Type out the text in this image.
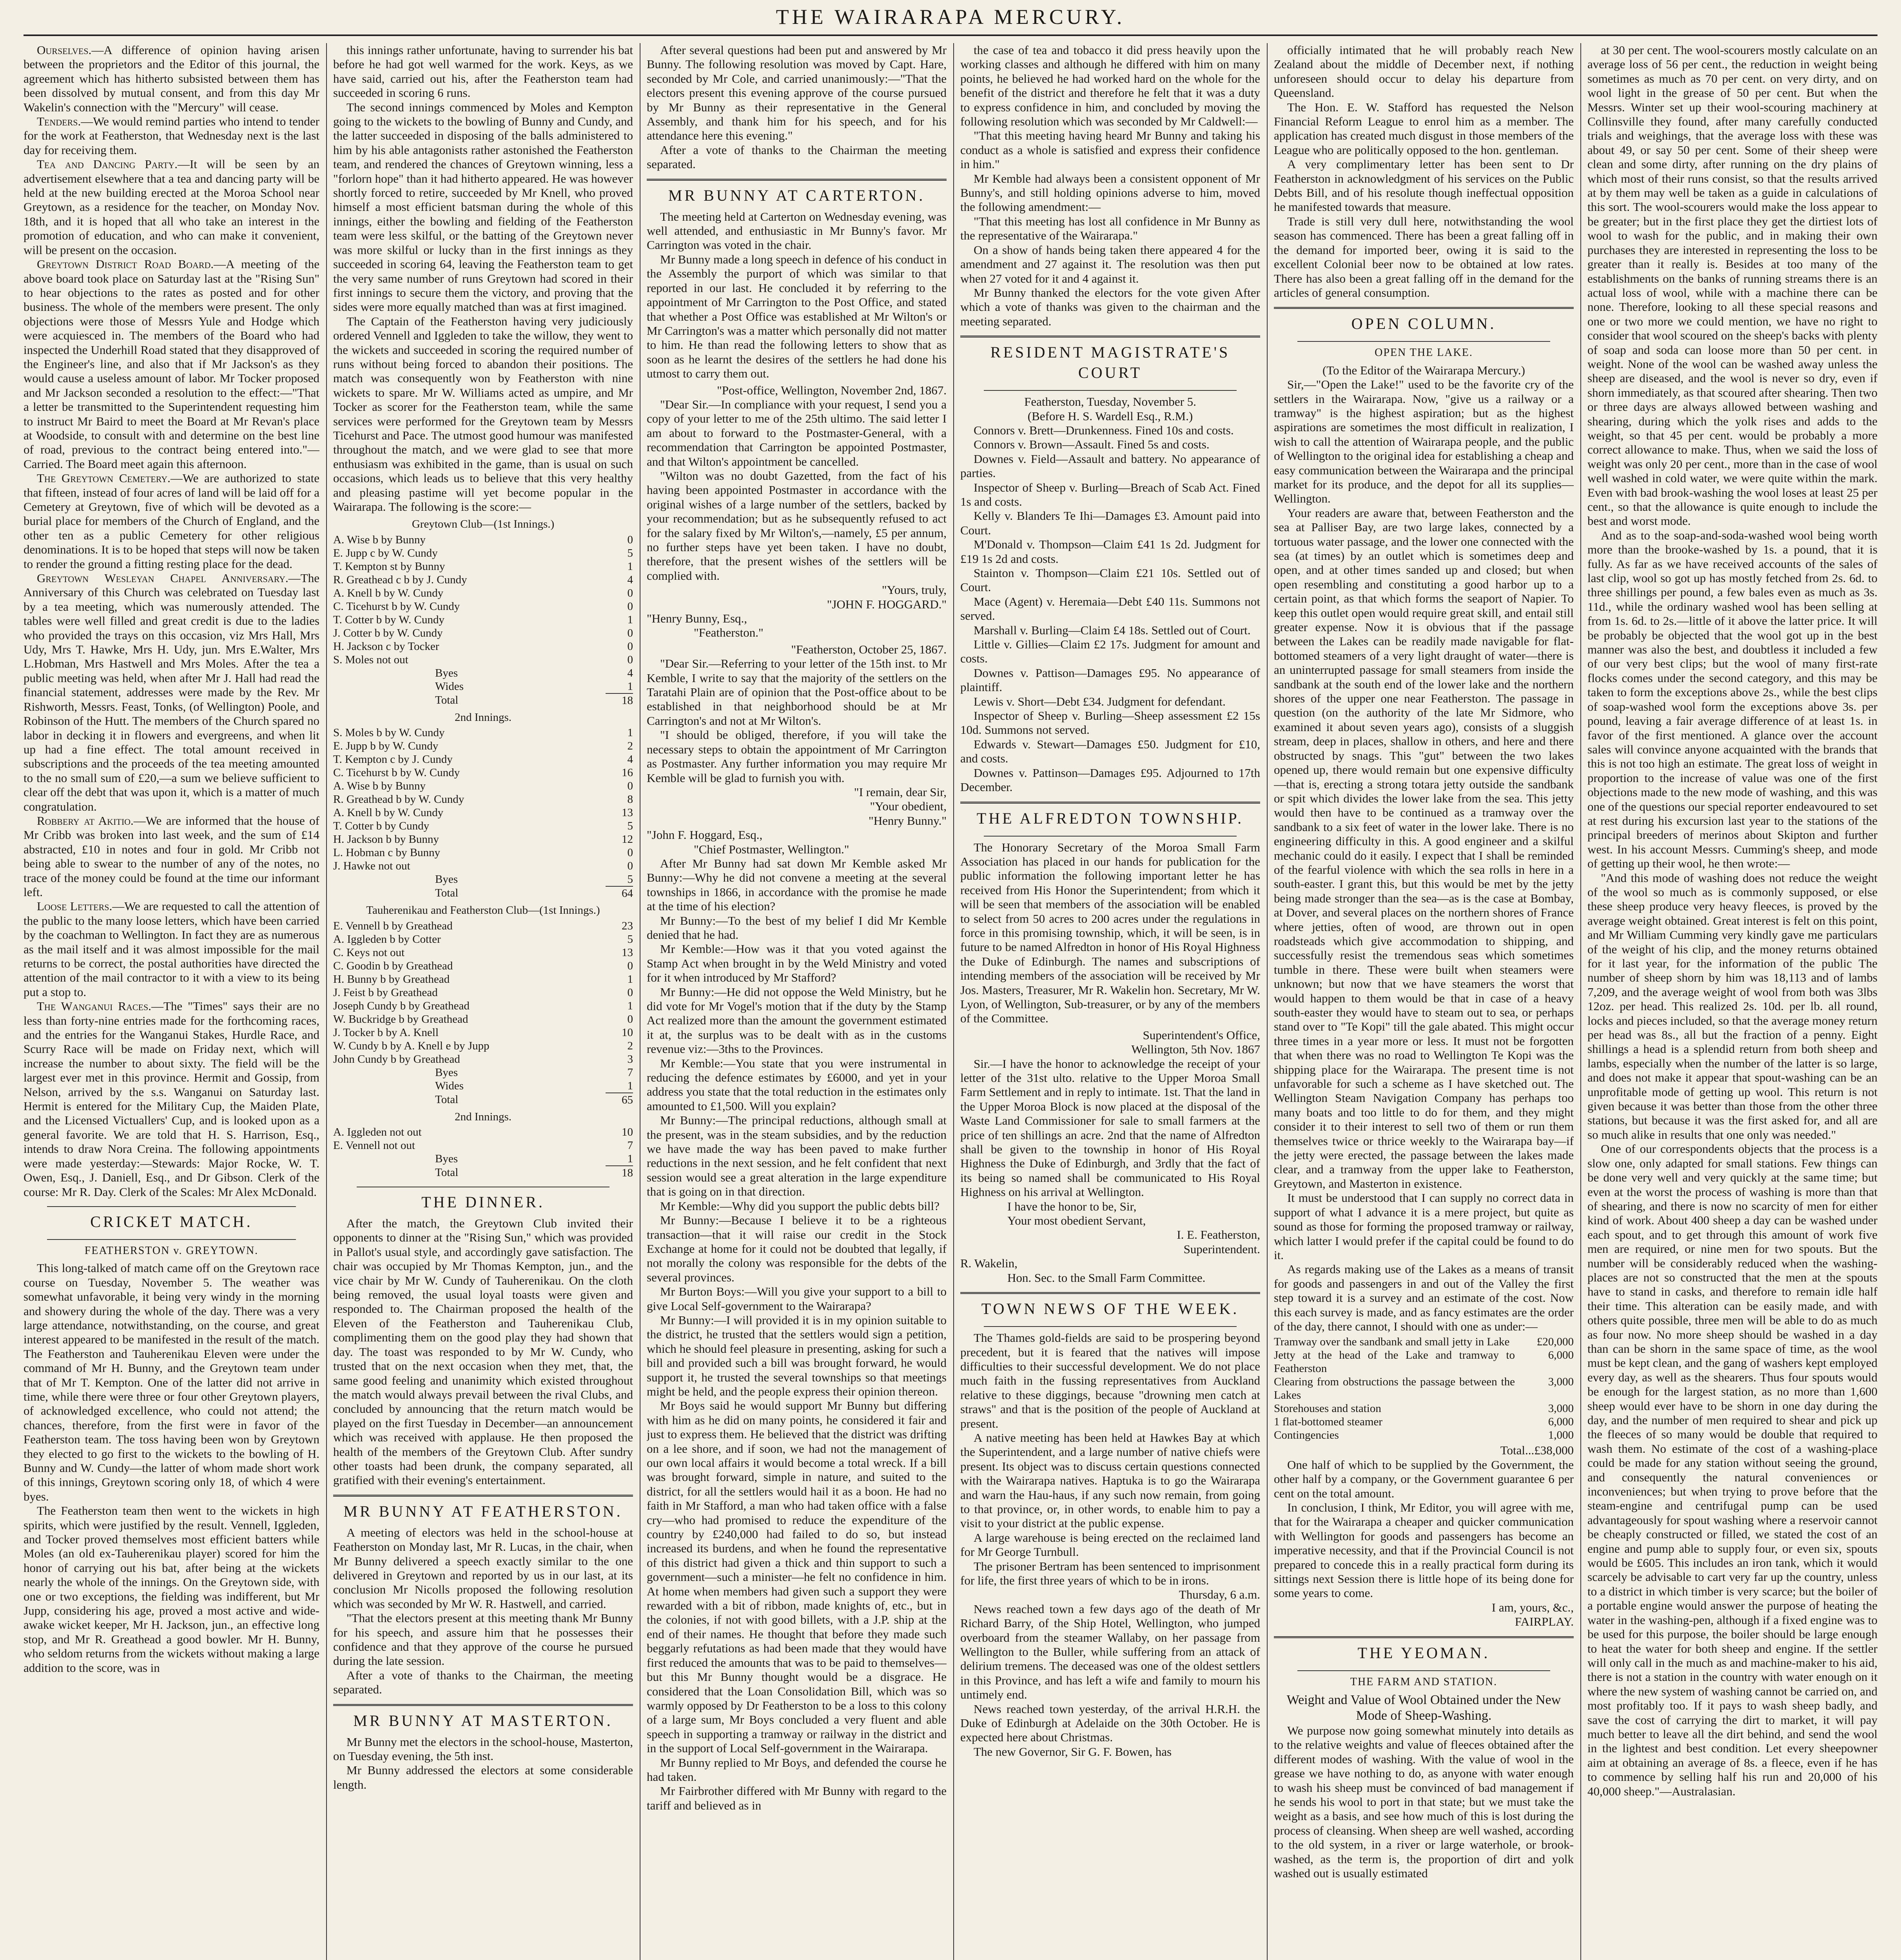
THE WAIRARAPA MERCURY.

Ourselves.—A difference of opinion having arisen between the proprietors and the Editor of this journal, the agreement which has hitherto subsisted between them has been dissolved by mutual consent, and from this day Mr Wakelin's connection with the "Mercury" will cease.

Tenders.—We would remind parties who intend to tender for the work at Featherston, that Wednesday next is the last day for receiving them.

Tea and Dancing Party.—It will be seen by an advertisement elsewhere that a tea and dancing party will be held at the new building erected at the Moroa School near Greytown, as a residence for the teacher, on Monday Nov. 18th, and it is hoped that all who take an interest in the promotion of education, and who can make it convenient, will be present on the occasion.

Greytown District Road Board.—A meeting of the above board took place on Saturday last at the "Rising Sun" to hear objections to the rates as posted and for other business. The whole of the members were present. The only objections were those of Messrs Yule and Hodge which were acquiesced in. The members of the Board who had inspected the Underhill Road stated that they disapproved of the Engineer's line, and also that if Mr Jackson's as they would cause a useless amount of labor. Mr Tocker proposed and Mr Jackson seconded a resolution to the effect:—"That a letter be transmitted to the Superintendent requesting him to instruct Mr Baird to meet the Board at Mr Revan's place at Woodside, to consult with and determine on the best line of road, previous to the contract being entered into."—Carried. The Board meet again this afternoon.

The Greytown Cemetery.—We are authorized to state that fifteen, instead of four acres of land will be laid off for a Cemetery at Greytown, five of which will be devoted as a burial place for members of the Church of England, and the other ten as a public Cemetery for other religious denominations. It is to be hoped that steps will now be taken to render the ground a fitting resting place for the dead.

Greytown Wesleyan Chapel Anniversary.—The Anniversary of this Church was celebrated on Tuesday last by a tea meeting, which was numerously attended. The tables were well filled and great credit is due to the ladies who provided the trays on this occasion, viz Mrs Hall, Mrs Udy, Mrs T. Hawke, Mrs H. Udy, jun. Mrs E.Walter, Mrs L.Hobman, Mrs Hastwell and Mrs Moles. After the tea a public meeting was held, when after Mr J. Hall had read the financial statement, addresses were made by the Rev. Mr Rishworth, Messrs. Feast, Tonks, (of Wellington) Poole, and Robinson of the Hutt. The members of the Church spared no labor in decking it in flowers and evergreens, and when lit up had a fine effect. The total amount received in subscriptions and the proceeds of the tea meeting amounted to the no small sum of £20,—a sum we believe sufficient to clear off the debt that was upon it, which is a matter of much congratulation.

Robbery at Akitio.—We are informed that the house of Mr Cribb was broken into last week, and the sum of £14 abstracted, £10 in notes and four in gold. Mr Cribb not being able to swear to the number of any of the notes, no trace of the money could be found at the time our informant left.

Loose Letters.—We are requested to call the attention of the public to the many loose letters, which have been carried by the coachman to Wellington. In fact they are as numerous as the mail itself and it was almost impossible for the mail returns to be correct, the postal authorities have directed the attention of the mail contractor to it with a view to its being put a stop to.

The Wanganui Races.—The "Times" says their are no less than forty-nine entries made for the forthcoming races, and the entries for the Wanganui Stakes, Hurdle Race, and Scurry Race will be made on Friday next, which will increase the number to about sixty. The field will be the largest ever met in this province. Hermit and Gossip, from Nelson, arrived by the s.s. Wanganui on Saturday last. Hermit is entered for the Military Cup, the Maiden Plate, and the Licensed Victuallers' Cup, and is looked upon as a general favorite. We are told that H. S. Harrison, Esq., intends to draw Nora Creina. The following appointments were made yesterday:—Stewards: Major Rocke, W. T. Owen, Esq., J. Daniell, Esq., and Dr Gibson. Clerk of the course: Mr R. Day. Clerk of the Scales: Mr Alex McDonald.

CRICKET MATCH.
FEATHERSTON v. GREYTOWN.

This long-talked of match came off on the Greytown race course on Tuesday, November 5. The weather was somewhat unfavorable, it being very windy in the morning and showery during the whole of the day. There was a very large attendance, notwithstanding, on the course, and great interest appeared to be manifested in the result of the match. The Featherston and Tauherenikau Eleven were under the command of Mr H. Bunny, and the Greytown team under that of Mr T. Kempton. One of the latter did not arrive in time, while there were three or four other Greytown players, of acknowledged excellence, who could not attend; the chances, therefore, from the first were in favor of the Featherston team. The toss having been won by Greytown they elected to go first to the wickets to the bowling of H. Bunny and W. Cundy—the latter of whom made short work of this innings, Greytown scoring only 18, of which 4 were byes.

The Featherston team then went to the wickets in high spirits, which were justified by the result. Vennell, Iggleden, and Tocker proved themselves most efficient batters while Moles (an old ex-Tauherenikau player) scored for him the honor of carrying out his bat, after being at the wickets nearly the whole of the innings. On the Greytown side, with one or two exceptions, the fielding was indifferent, but Mr Jupp, considering his age, proved a most active and wide-awake wicket keeper, Mr H. Jackson, jun., an effective long stop, and Mr R. Greathead a good bowler. Mr H. Bunny, who seldom returns from the wickets without making a large addition to the score, was in

this innings rather unfortunate, having to surrender his bat before he had got well warmed for the work. Keys, as we have said, carried out his, after the Featherston team had succeeded in scoring 6 runs.

The second innings commenced by Moles and Kempton going to the wickets to the bowling of Bunny and Cundy, and the latter succeeded in disposing of the balls administered to him by his able antagonists rather astonished the Featherston team, and rendered the chances of Greytown winning, less a "forlorn hope" than it had hitherto appeared. He was however shortly forced to retire, succeeded by Mr Knell, who proved himself a most efficient batsman during the whole of this innings, either the bowling and fielding of the Featherston team were less skilful, or the batting of the Greytown never was more skilful or lucky than in the first innings as they succeeded in scoring 64, leaving the Featherston team to get the very same number of runs Greytown had scored in their first innings to secure them the victory, and proving that the sides were more equally matched than was at first imagined.

The Captain of the Featherston having very judiciously ordered Vennell and Iggleden to take the willow, they went to the wickets and succeeded in scoring the required number of runs without being forced to abandon their positions. The match was consequently won by Featherston with nine wickets to spare. Mr W. Williams acted as umpire, and Mr Tocker as scorer for the Featherston team, while the same services were performed for the Greytown team by Messrs Ticehurst and Pace. The utmost good humour was manifested throughout the match, and we were glad to see that more enthusiasm was exhibited in the game, than is usual on such occasions, which leads us to believe that this very healthy and pleasing pastime will yet become popular in the Wairarapa. The following is the score:—

Greytown Club—(1st Innings.)

A. Wise b by Bunny	0
E. Jupp c by W. Cundy	5
T. Kempton st by Bunny	1
R. Greathead c b by J. Cundy	4
A. Knell b by W. Cundy	0
C. Ticehurst b by W. Cundy	0
T. Cotter b by W. Cundy	1
J. Cotter b by W. Cundy	0
H. Jackson c by Tocker	0
S. Moles not out	0
Byes	4
Wides	1
Total	18

2nd Innings.

S. Moles b by W. Cundy	1
E. Jupp b by W. Cundy	2
T. Kempton c by J. Cundy	4
C. Ticehurst b by W. Cundy	16
A. Wise b by Bunny	0
R. Greathead b by W. Cundy	8
A. Knell b by W. Cundy	13
T. Cotter b by Cundy	5
H. Jackson b by Bunny	12
L. Hobman c by Bunny	0
J. Hawke not out	0
Byes	5
Total	64

Tauherenikau and Featherston Club—(1st Innings.)

E. Vennell b by Greathead	23
A. Iggleden b by Cotter	5
C. Keys not out	13
C. Goodin b by Greathead	0
H. Bunny b by Greathead	1
J. Feist b by Greathead	0
Joseph Cundy b by Greathead	1
W. Buckridge b by Greathead	0
J. Tocker b by A. Knell	10
W. Cundy b by A. Knell e by Jupp	2
John Cundy b by Greathead	3
Byes	7
Wides	1
Total	65

2nd Innings.

A. Iggleden not out	10
E. Vennell not out	7
Byes	1
Total	18
THE DINNER.

After the match, the Greytown Club invited their opponents to dinner at the "Rising Sun," which was provided in Pallot's usual style, and accordingly gave satisfaction. The chair was occupied by Mr Thomas Kempton, jun., and the vice chair by Mr W. Cundy of Tauherenikau. On the cloth being removed, the usual loyal toasts were given and responded to. The Chairman proposed the health of the Eleven of the Featherston and Tauherenikau Club, complimenting them on the good play they had shown that day. The toast was responded to by Mr W. Cundy, who trusted that on the next occasion when they met, that, the same good feeling and unanimity which existed throughout the match would always prevail between the rival Clubs, and concluded by announcing that the return match would be played on the first Tuesday in December—an announcement which was received with applause. He then proposed the health of the members of the Greytown Club. After sundry other toasts had been drunk, the company separated, all gratified with their evening's entertainment.

MR BUNNY AT FEATHERSTON.

A meeting of electors was held in the school-house at Featherston on Monday last, Mr R. Lucas, in the chair, when Mr Bunny delivered a speech exactly similar to the one delivered in Greytown and reported by us in our last, at its conclusion Mr Nicolls proposed the following resolution which was seconded by Mr W. R. Hastwell, and carried.

"That the electors present at this meeting thank Mr Bunny for his speech, and assure him that he possesses their confidence and that they approve of the course he pursued during the late session.

After a vote of thanks to the Chairman, the meeting separated.

MR BUNNY AT MASTERTON.

Mr Bunny met the electors in the school-house, Masterton, on Tuesday evening, the 5th inst.

Mr Bunny addressed the electors at some considerable length.

After several questions had been put and answered by Mr Bunny. The following resolution was moved by Capt. Hare, seconded by Mr Cole, and carried unanimously:—"That the electors present this evening approve of the course pursued by Mr Bunny as their representative in the General Assembly, and thank him for his speech, and for his attendance here this evening."

After a vote of thanks to the Chairman the meeting separated.

MR BUNNY AT CARTERTON.

The meeting held at Carterton on Wednesday evening, was well attended, and enthusiastic in Mr Bunny's favor. Mr Carrington was voted in the chair.

Mr Bunny made a long speech in defence of his conduct in the Assembly the purport of which was similar to that reported in our last. He concluded it by referring to the appointment of Mr Carrington to the Post Office, and stated that whether a Post Office was established at Mr Wilton's or Mr Carrington's was a matter which personally did not matter to him. He than read the following letters to show that as soon as he learnt the desires of the settlers he had done his utmost to carry them out.

"Post-office, Wellington, November 2nd, 1867.

"Dear Sir.—In compliance with your request, I send you a copy of your letter to me of the 25th ultimo. The said letter I am about to forward to the Postmaster-General, with a recommendation that Carrington be appointed Postmaster, and that Wilton's appointment be cancelled.

"Wilton was no doubt Gazetted, from the fact of his having been appointed Postmaster in accordance with the original wishes of a large number of the settlers, backed by your recommendation; but as he subsequently refused to act for the salary fixed by Mr Wilton's,—namely, £5 per annum, no further steps have yet been taken. I have no doubt, therefore, that the present wishes of the settlers will be complied with.

"Yours, truly,

"JOHN F. HOGGARD."

"Henry Bunny, Esq.,

"Featherston."

"Featherston, October 25, 1867.

"Dear Sir.—Referring to your letter of the 15th inst. to Mr Kemble, I write to say that the majority of the settlers on the Taratahi Plain are of opinion that the Post-office about to be established in that neighborhood should be at Mr Carrington's and not at Mr Wilton's.

"I should be obliged, therefore, if you will take the necessary steps to obtain the appointment of Mr Carrington as Postmaster. Any further information you may require Mr Kemble will be glad to furnish you with.

"I remain, dear Sir,

"Your obedient,

"Henry Bunny."

"John F. Hoggard, Esq.,

"Chief Postmaster, Wellington."

After Mr Bunny had sat down Mr Kemble asked Mr Bunny:—Why he did not convene a meeting at the several townships in 1866, in accordance with the promise he made at the time of his election?

Mr Bunny:—To the best of my belief I did Mr Kemble denied that he had.

Mr Kemble:—How was it that you voted against the Stamp Act when brought in by the Weld Ministry and voted for it when introduced by Mr Stafford?

Mr Bunny:—He did not oppose the Weld Ministry, but he did vote for Mr Vogel's motion that if the duty by the Stamp Act realized more than the amount the government estimated it at, the surplus was to be dealt with as in the customs revenue viz:—3ths to the Provinces.

Mr Kemble:—You state that you were instrumental in reducing the defence estimates by £6000, and yet in your address you state that the total reduction in the estimates only amounted to £1,500. Will you explain?

Mr Bunny:—The principal reductions, although small at the present, was in the steam subsidies, and by the reduction we have made the way has been paved to make further reductions in the next session, and he felt confident that next session would see a great alteration in the large expenditure that is going on in that direction.

Mr Kemble:—Why did you support the public debts bill?

Mr Bunny:—Because I believe it to be a righteous transaction—that it will raise our credit in the Stock Exchange at home for it could not be doubted that legally, if not morally the colony was responsible for the debts of the several provinces.

Mr Burton Boys:—Will you give your support to a bill to give Local Self-government to the Wairarapa?

Mr Bunny:—I will provided it is in my opinion suitable to the district, he trusted that the settlers would sign a petition, which he should feel pleasure in presenting, asking for such a bill and provided such a bill was brought forward, he would support it, he trusted the several townships so that meetings might be held, and the people express their opinion thereon.

Mr Boys said he would support Mr Bunny but differing with him as he did on many points, he considered it fair and just to express them. He believed that the district was drifting on a lee shore, and if soon, we had not the management of our own local affairs it would become a total wreck. If a bill was brought forward, simple in nature, and suited to the district, for all the settlers would hail it as a boon. He had no faith in Mr Stafford, a man who had taken office with a false cry—who had promised to reduce the expenditure of the country by £240,000 had failed to do so, but instead increased its burdens, and when he found the representative of this district had given a thick and thin support to such a government—such a minister—he felt no confidence in him. At home when members had given such a support they were rewarded with a bit of ribbon, made knights of, etc., but in the colonies, if not with good billets, with a J.P. ship at the end of their names. He thought that before they made such beggarly refutations as had been made that they would have first reduced the amounts that was to be paid to themselves—but this Mr Bunny thought would be a disgrace. He considered that the Loan Consolidation Bill, which was so warmly opposed by Dr Featherston to be a loss to this colony of a large sum, Mr Boys concluded a very fluent and able speech in supporting a tramway or railway in the district and in the support of Local Self-government in the Wairarapa.

Mr Bunny replied to Mr Boys, and defended the course he had taken.

Mr Fairbrother differed with Mr Bunny with regard to the tariff and believed as in

the case of tea and tobacco it did press heavily upon the working classes and although he differed with him on many points, he believed he had worked hard on the whole for the benefit of the district and therefore he felt that it was a duty to express confidence in him, and concluded by moving the following resolution which was seconded by Mr Caldwell:—

"That this meeting having heard Mr Bunny and taking his conduct as a whole is satisfied and express their confidence in him."

Mr Kemble had always been a consistent opponent of Mr Bunny's, and still holding opinions adverse to him, moved the following amendment:—

"That this meeting has lost all confidence in Mr Bunny as the representative of the Wairarapa."

On a show of hands being taken there appeared 4 for the amendment and 27 against it. The resolution was then put when 27 voted for it and 4 against it.

Mr Bunny thanked the electors for the vote given After which a vote of thanks was given to the chairman and the meeting separated.

RESIDENT MAGISTRATE'S COURT

Featherston, Tuesday, November 5.

(Before H. S. Wardell Esq., R.M.)

Connors v. Brett—Drunkenness. Fined 10s and costs.

Connors v. Brown—Assault. Fined 5s and costs.

Downes v. Field—Assault and battery. No appearance of parties.

Inspector of Sheep v. Burling—Breach of Scab Act. Fined 1s and costs.

Kelly v. Blanders Te Ihi—Damages £3. Amount paid into Court.

M'Donald v. Thompson—Claim £41 1s 2d. Judgment for £19 1s 2d and costs.

Stainton v. Thompson—Claim £21 10s. Settled out of Court.

Mace (Agent) v. Heremaia—Debt £40 11s. Summons not served.

Marshall v. Burling—Claim £4 18s. Settled out of Court.

Little v. Gillies—Claim £2 17s. Judgment for amount and costs.

Downes v. Pattison—Damages £95. No appearance of plaintiff.

Lewis v. Short—Debt £34. Judgment for defendant.

Inspector of Sheep v. Burling—Sheep assessment £2 15s 10d. Summons not served.

Edwards v. Stewart—Damages £50. Judgment for £10, and costs.

Downes v. Pattinson—Damages £95. Adjourned to 17th December.

THE ALFREDTON TOWNSHIP.

The Honorary Secretary of the Moroa Small Farm Association has placed in our hands for publication for the public information the following important letter he has received from His Honor the Superintendent; from which it will be seen that members of the association will be enabled to select from 50 acres to 200 acres under the regulations in force in this promising township, which, it will be seen, is in future to be named Alfredton in honor of His Royal Highness the Duke of Edinburgh. The names and subscriptions of intending members of the association will be received by Mr Jos. Masters, Treasurer, Mr R. Wakelin hon. Secretary, Mr W. Lyon, of Wellington, Sub-treasurer, or by any of the members of the Committee.

Superintendent's Office,

Wellington, 5th Nov. 1867

Sir.—I have the honor to acknowledge the receipt of your letter of the 31st ulto. relative to the Upper Moroa Small Farm Settlement and in reply to intimate. 1st. That the land in the Upper Moroa Block is now placed at the disposal of the Waste Land Commissioner for sale to small farmers at the price of ten shillings an acre. 2nd that the name of Alfredton shall be given to the township in honor of His Royal Highness the Duke of Edinburgh, and 3rdly that the fact of its being so named shall be communicated to His Royal Highness on his arrival at Wellington.

I have the honor to be, Sir,

Your most obedient Servant,

I. E. Featherston,

Superintendent.

R. Wakelin,

Hon. Sec. to the Small Farm Committee.

TOWN NEWS OF THE WEEK.

The Thames gold-fields are said to be prospering beyond precedent, but it is feared that the natives will impose difficulties to their successful development. We do not place much faith in the fussing representatives from Auckland relative to these diggings, because "drowning men catch at straws" and that is the position of the people of Auckland at present.

A native meeting has been held at Hawkes Bay at which the Superintendent, and a large number of native chiefs were present. Its object was to discuss certain questions connected with the Wairarapa natives. Haptuka is to go the Wairarapa and warn the Hau-haus, if any such now remain, from going to that province, or, in other words, to enable him to pay a visit to your district at the public expense.

A large warehouse is being erected on the reclaimed land for Mr George Turnbull.

The prisoner Bertram has been sentenced to imprisonment for life, the first three years of which to be in irons.

Thursday, 6 a.m.

News reached town a few days ago of the death of Mr Richard Barry, of the Ship Hotel, Wellington, who jumped overboard from the steamer Wallaby, on her passage from Wellington to the Buller, while suffering from an attack of delirium tremens. The deceased was one of the oldest settlers in this Province, and has left a wife and family to mourn his untimely end.

News reached town yesterday, of the arrival H.R.H. the Duke of Edinburgh at Adelaide on the 30th October. He is expected here about Christmas.

The new Governor, Sir G. F. Bowen, has

officially intimated that he will probably reach New Zealand about the middle of December next, if nothing unforeseen should occur to delay his departure from Queensland.

The Hon. E. W. Stafford has requested the Nelson Financial Reform League to enrol him as a member. The application has created much disgust in those members of the League who are politically opposed to the hon. gentleman.

A very complimentary letter has been sent to Dr Featherston in acknowledgment of his services on the Public Debts Bill, and of his resolute though ineffectual opposition he manifested towards that measure.

Trade is still very dull here, notwithstanding the wool season has commenced. There has been a great falling off in the demand for imported beer, owing it is said to the excellent Colonial beer now to be obtained at low rates. There has also been a great falling off in the demand for the articles of general consumption.

OPEN COLUMN.
OPEN THE LAKE.

(To the Editor of the Wairarapa Mercury.)

Sir,—"Open the Lake!" used to be the favorite cry of the settlers in the Wairarapa. Now, "give us a railway or a tramway" is the highest aspiration; but as the highest aspirations are sometimes the most difficult in realization, I wish to call the attention of Wairarapa people, and the public of Wellington to the original idea for establishing a cheap and easy communication between the Wairarapa and the principal market for its produce, and the depot for all its supplies—Wellington.

Your readers are aware that, between Featherston and the sea at Palliser Bay, are two large lakes, connected by a tortuous water passage, and the lower one connected with the sea (at times) by an outlet which is sometimes deep and open, and at other times sanded up and closed; but when open resembling and constituting a good harbor up to a certain point, as that which forms the seaport of Napier. To keep this outlet open would require great skill, and entail still greater expense. Now it is obvious that if the passage between the Lakes can be readily made navigable for flat-bottomed steamers of a very light draught of water—there is an uninterrupted passage for small steamers from inside the sandbank at the south end of the lower lake and the northern shores of the upper one near Featherston. The passage in question (on the authority of the late Mr Sidmore, who examined it about seven years ago), consists of a sluggish stream, deep in places, shallow in others, and here and there obstructed by snags. This "gut" between the two lakes opened up, there would remain but one expensive difficulty—that is, erecting a strong totara jetty outside the sandbank or spit which divides the lower lake from the sea. This jetty would then have to be continued as a tramway over the sandbank to a six feet of water in the lower lake. There is no engineering difficulty in this. A good engineer and a skilful mechanic could do it easily. I expect that I shall be reminded of the fearful violence with which the sea rolls in here in a south-easter. I grant this, but this would be met by the jetty being made stronger than the sea—as is the case at Bombay, at Dover, and several places on the northern shores of France where jetties, often of wood, are thrown out in open roadsteads which give accommodation to shipping, and successfully resist the tremendous seas which sometimes tumble in there. These were built when steamers were unknown; but now that we have steamers the worst that would happen to them would be that in case of a heavy south-easter they would have to steam out to sea, or perhaps stand over to "Te Kopi" till the gale abated. This might occur three times in a year more or less. It must not be forgotten that when there was no road to Wellington Te Kopi was the shipping place for the Wairarapa. The present time is not unfavorable for such a scheme as I have sketched out. The Wellington Steam Navigation Company has perhaps too many boats and too little to do for them, and they might consider it to their interest to sell two of them or run them themselves twice or thrice weekly to the Wairarapa bay—if the jetty were erected, the passage between the lakes made clear, and a tramway from the upper lake to Featherston, Greytown, and Masterton in existence.

It must be understood that I can supply no correct data in support of what I advance it is a mere project, but quite as sound as those for forming the proposed tramway or railway, which latter I would prefer if the capital could be found to do it.

As regards making use of the Lakes as a means of transit for goods and passengers in and out of the Valley the first step toward it is a survey and an estimate of the cost. Now this each survey is made, and as fancy estimates are the order of the day, there cannot, I should with one as under:—

Tramway over the sandbank and small jetty in Lake	£20,000
Jetty at the head of the Lake and tramway to Featherston	6,000
Clearing from obstructions the passage between the Lakes	3,000
Storehouses and station	3,000
1 flat-bottomed steamer	6,000
Contingencies	1,000

Total...£38,000

One half of which to be supplied by the Government, the other half by a company, or the Government guarantee 6 per cent on the total amount.

In conclusion, I think, Mr Editor, you will agree with me, that for the Wairarapa a cheaper and quicker communication with Wellington for goods and passengers has become an imperative necessity, and that if the Provincial Council is not prepared to concede this in a really practical form during its sittings next Session there is little hope of its being done for some years to come.

I am, yours, &c.,

FAIRPLAY.

THE YEOMAN.
THE FARM AND STATION.

Weight and Value of Wool Obtained under the New Mode of Sheep-Washing.

We purpose now going somewhat minutely into details as to the relative weights and value of fleeces obtained after the different modes of washing. With the value of wool in the grease we have nothing to do, as anyone with water enough to wash his sheep must be convinced of bad management if he sends his wool to port in that state; but we must take the weight as a basis, and see how much of this is lost during the process of cleansing. When sheep are well washed, according to the old system, in a river or large waterhole, or brook-washed, as the term is, the proportion of dirt and yolk washed out is usually estimated

at 30 per cent. The wool-scourers mostly calculate on an average loss of 56 per cent., the reduction in weight being sometimes as much as 70 per cent. on very dirty, and on wool light in the grease of 50 per cent. But when the Messrs. Winter set up their wool-scouring machinery at Collinsville they found, after many carefully conducted trials and weighings, that the average loss with these was about 49, or say 50 per cent. Some of their sheep were clean and some dirty, after running on the dry plains of which most of their runs consist, so that the results arrived at by them may well be taken as a guide in calculations of this sort. The wool-scourers would make the loss appear to be greater; but in the first place they get the dirtiest lots of wool to wash for the public, and in making their own purchases they are interested in representing the loss to be greater than it really is. Besides at too many of the establishments on the banks of running streams there is an actual loss of wool, while with a machine there can be none. Therefore, looking to all these special reasons and one or two more we could mention, we have no right to consider that wool scoured on the sheep's backs with plenty of soap and soda can loose more than 50 per cent. in weight. None of the wool can be washed away unless the sheep are diseased, and the wool is never so dry, even if shorn immediately, as that scoured after shearing. Then two or three days are always allowed between washing and shearing, during which the yolk rises and adds to the weight, so that 45 per cent. would be probably a more correct allowance to make. Thus, when we said the loss of weight was only 20 per cent., more than in the case of wool well washed in cold water, we were quite within the mark. Even with bad brook-washing the wool loses at least 25 per cent., so that the allowance is quite enough to include the best and worst mode.

And as to the soap-and-soda-washed wool being worth more than the brooke-washed by 1s. a pound, that it is fully. As far as we have received accounts of the sales of last clip, wool so got up has mostly fetched from 2s. 6d. to three shillings per pound, a few bales even as much as 3s. 11d., while the ordinary washed wool has been selling at from 1s. 6d. to 2s.—little of it above the latter price. It will be probably be objected that the wool got up in the best manner was also the best, and doubtless it included a few of our very best clips; but the wool of many first-rate flocks comes under the second category, and this may be taken to form the exceptions above 2s., while the best clips of soap-washed wool form the exceptions above 3s. per pound, leaving a fair average difference of at least 1s. in favor of the first mentioned. A glance over the account sales will convince anyone acquainted with the brands that this is not too high an estimate. The great loss of weight in proportion to the increase of value was one of the first objections made to the new mode of washing, and this was one of the questions our special reporter endeavoured to set at rest during his excursion last year to the stations of the principal breeders of merinos about Skipton and further west. In his account Messrs. Cumming's sheep, and mode of getting up their wool, he then wrote:—

"And this mode of washing does not reduce the weight of the wool so much as is commonly supposed, or else these sheep produce very heavy fleeces, is proved by the average weight obtained. Great interest is felt on this point, and Mr William Cumming very kindly gave me particulars of the weight of his clip, and the money returns obtained for it last year, for the information of the public The number of sheep shorn by him was 18,113 and of lambs 7,209, and the average weight of wool from both was 3lbs 12oz. per head. This realized 2s. 10d. per lb. all round, locks and pieces included, so that the average money return per head was 8s., all but the fraction of a penny. Eight shillings a head is a splendid return from both sheep and lambs, especially when the number of the latter is so large, and does not make it appear that spout-washing can be an unprofitable mode of getting up wool. This return is not given because it was better than those from the other three stations, but because it was the first asked for, and all are so much alike in results that one only was needed."

One of our correspondents objects that the process is a slow one, only adapted for small stations. Few things can be done very well and very quickly at the same time; but even at the worst the process of washing is more than that of shearing, and there is now no scarcity of men for either kind of work. About 400 sheep a day can be washed under each spout, and to get through this amount of work five men are required, or nine men for two spouts. But the number will be considerably reduced when the washing-places are not so constructed that the men at the spouts have to stand in casks, and therefore to remain idle half their time. This alteration can be easily made, and with others quite possible, three men will be able to do as much as four now. No more sheep should be washed in a day than can be shorn in the same space of time, as the wool must be kept clean, and the gang of washers kept employed every day, as well as the shearers. Thus four spouts would be enough for the largest station, as no more than 1,600 sheep would ever have to be shorn in one day during the day, and the number of men required to shear and pick up the fleeces of so many would be double that required to wash them. No estimate of the cost of a washing-place could be made for any station without seeing the ground, and consequently the natural conveniences or inconveniences; but when trying to prove before that the steam-engine and centrifugal pump can be used advantageously for spout washing where a reservoir cannot be cheaply constructed or filled, we stated the cost of an engine and pump able to supply four, or even six, spouts would be £605. This includes an iron tank, which it would scarcely be advisable to cart very far up the country, unless to a district in which timber is very scarce; but the boiler of a portable engine would answer the purpose of heating the water in the washing-pen, although if a fixed engine was to be used for this purpose, the boiler should be large enough to heat the water for both sheep and engine. If the settler will only call in the much as and machine-maker to his aid, there is not a station in the country with water enough on it where the new system of washing cannot be carried on, and most profitably too. If it pays to wash sheep badly, and save the cost of carrying the dirt to market, it will pay much better to leave all the dirt behind, and send the wool in the lightest and best condition. Let every sheepowner aim at obtaining an average of 8s. a fleece, even if he has to commence by selling half his run and 20,000 of his 40,000 sheep."—Australasian.
